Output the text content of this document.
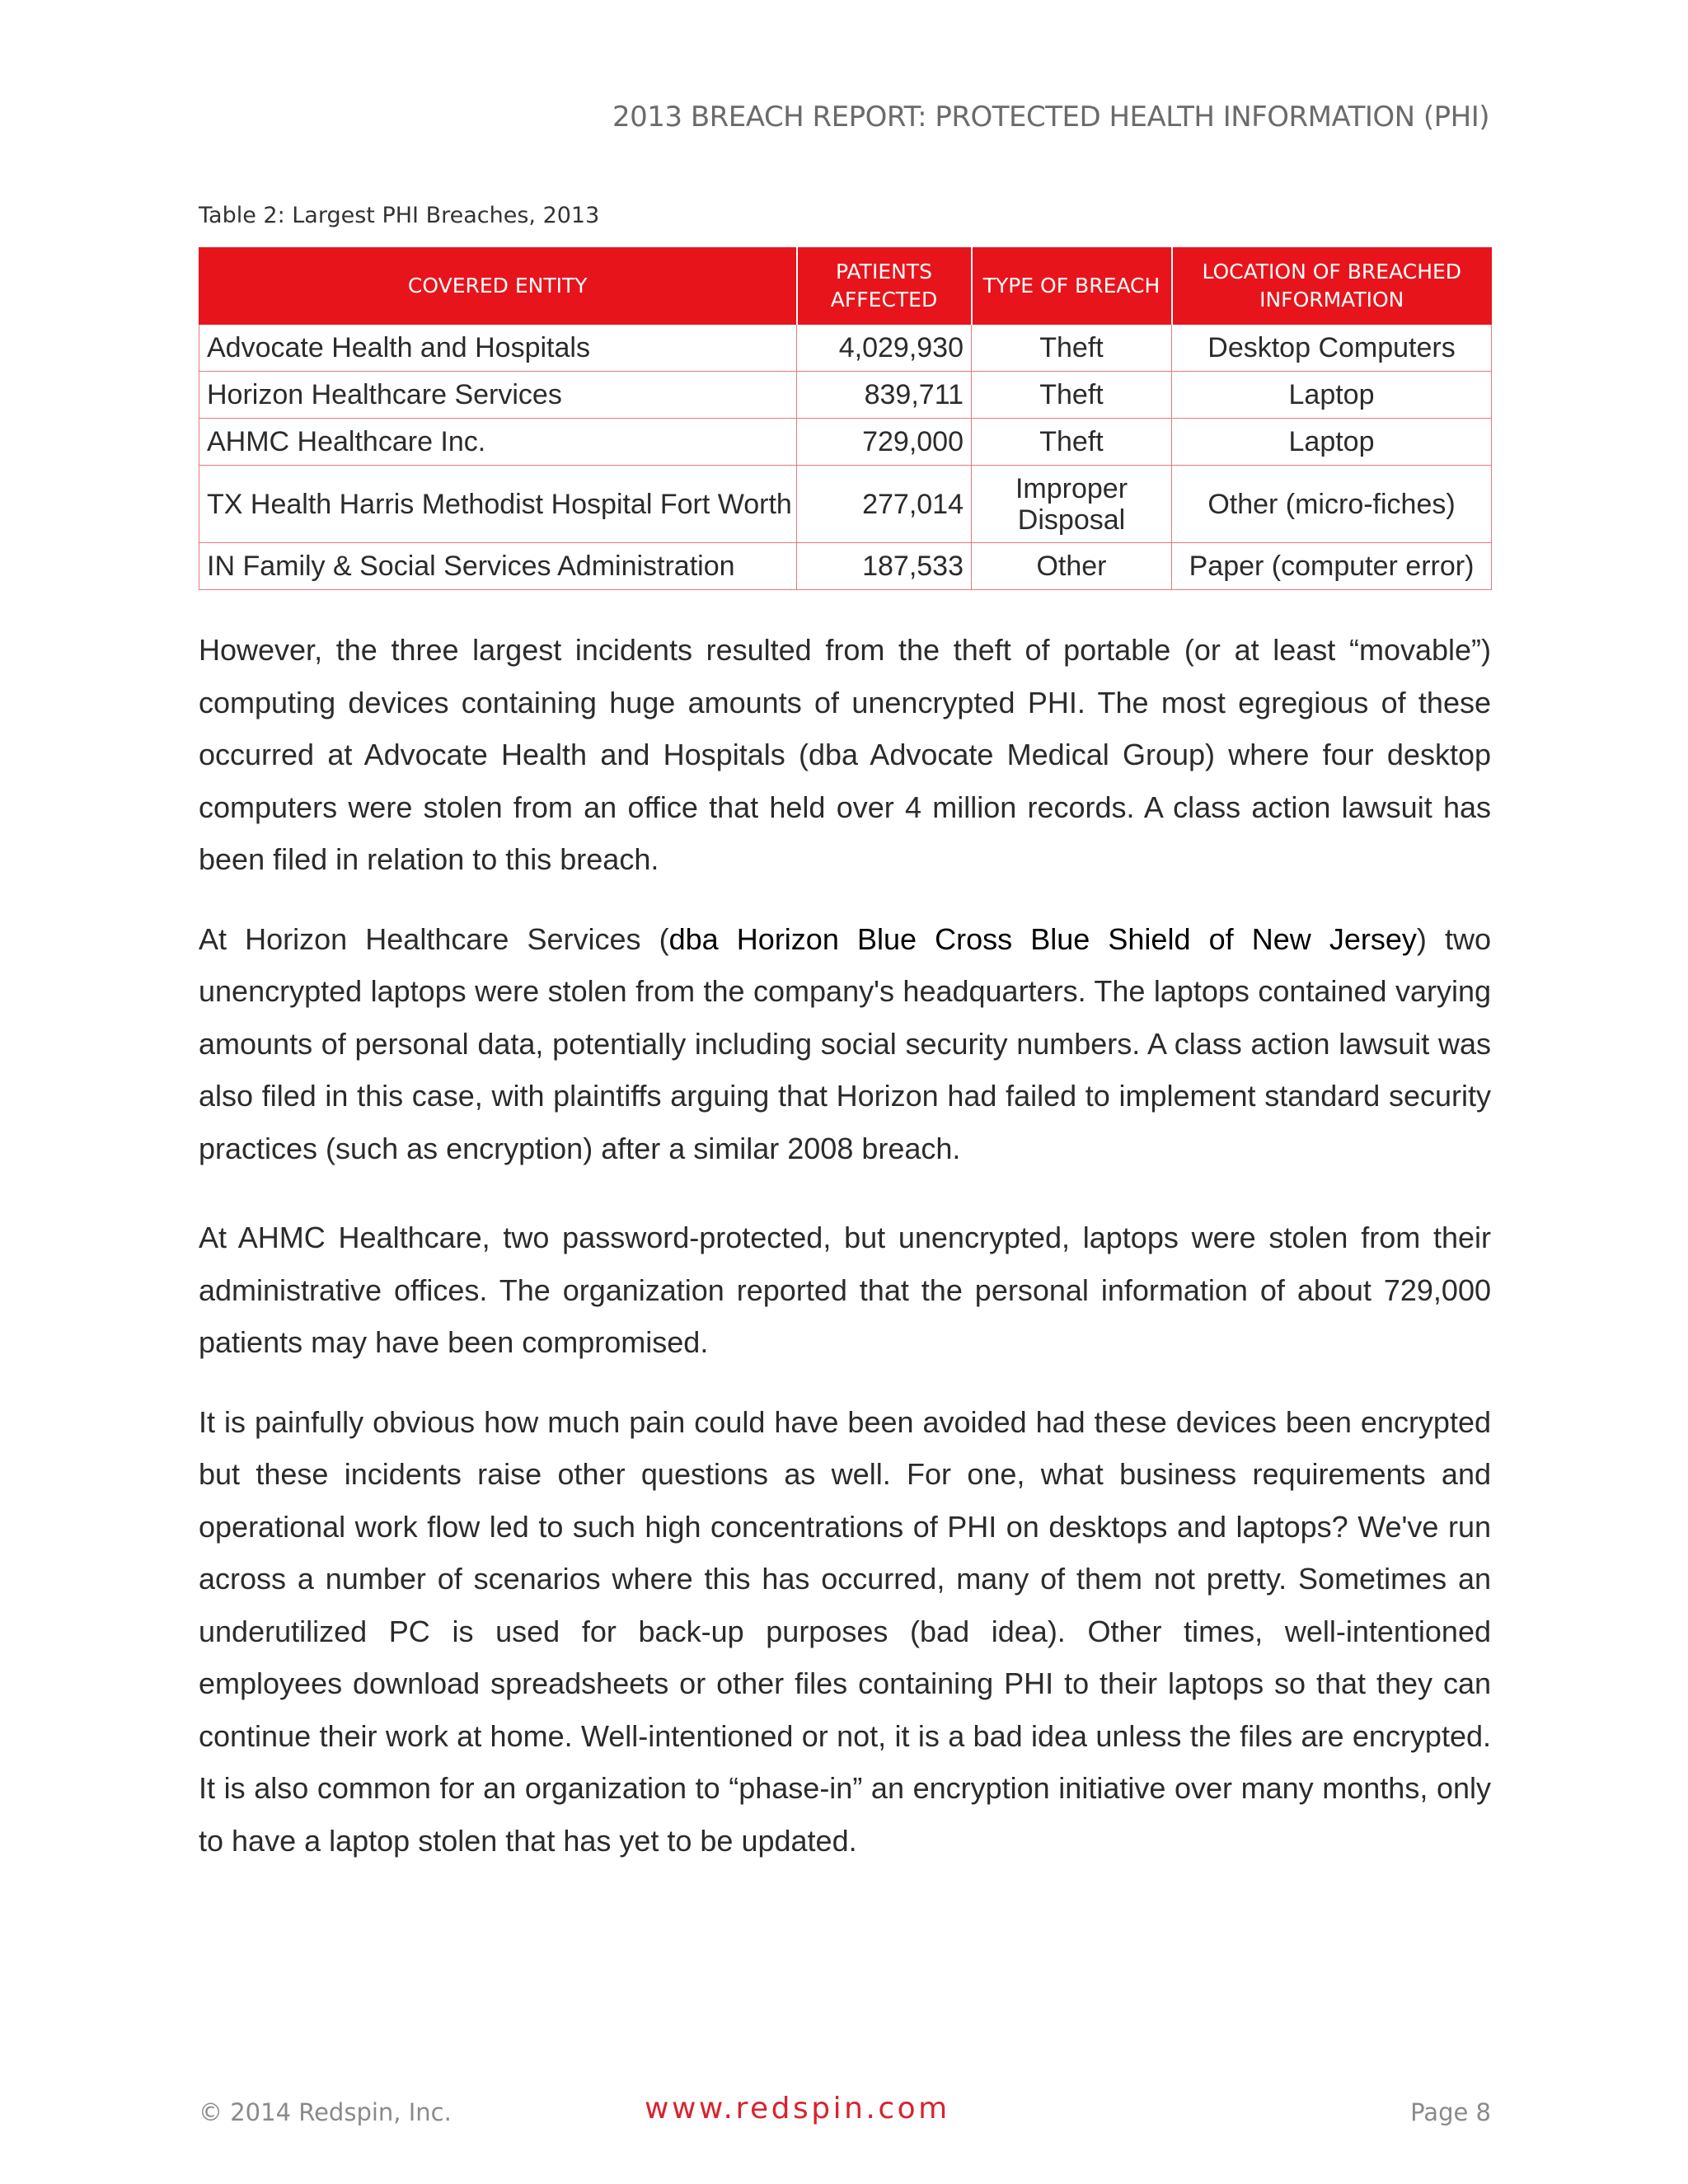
2013 BREACH REPORT: PROTECTED HEALTH INFORMATION (PHI)
Table 2: Largest PHI Breaches, 2013
COVERED ENTITY	PATIENTS AFFECTED	TYPE OF BREACH	LOCATION OF BREACHED INFORMATION
Advocate Health and Hospitals	4,029,930	Theft	Desktop Computers
Horizon Healthcare Services	839,711	Theft	Laptop
AHMC Healthcare Inc.	729,000	Theft	Laptop
TX Health Harris Methodist Hospital Fort Worth	277,014	Improper Disposal	Other (micro-fiches)
IN Family & Social Services Administration	187,533	Other	Paper (computer error)

However, the three largest incidents resulted from the theft of portable (or at least “movable”) computing devices containing huge amounts of unencrypted PHI. The most egregious of these occurred at Advocate Health and Hospitals (dba Advocate Medical Group) where four desktop computers were stolen from an office that held over 4 million records. A class action lawsuit has been filed in relation to this breach.

At Horizon Healthcare Services (dba Horizon Blue Cross Blue Shield of New Jersey) two unencrypted laptops were stolen from the company's headquarters. The laptops contained varying amounts of personal data, potentially including social security numbers. A class action lawsuit was also filed in this case, with plaintiffs arguing that Horizon had failed to implement standard security practices (such as encryption) after a similar 2008 breach.

At AHMC Healthcare, two password-protected, but unencrypted, laptops were stolen from their administrative offices. The organization reported that the personal information of about 729,000 patients may have been compromised.

It is painfully obvious how much pain could have been avoided had these devices been encrypted but these incidents raise other questions as well. For one, what business requirements and operational work flow led to such high concentrations of PHI on desktops and laptops? We've run across a number of scenarios where this has occurred, many of them not pretty. Sometimes an underutilized PC is used for back-up purposes (bad idea). Other times, well-intentioned employees download spreadsheets or other files containing PHI to their laptops so that they can continue their work at home. Well-intentioned or not, it is a bad idea unless the files are encrypted. It is also common for an organization to “phase-in” an encryption initiative over many months, only to have a laptop stolen that has yet to be updated.

© 2014 Redspin, Inc.	www.redspin.com	Page 8
